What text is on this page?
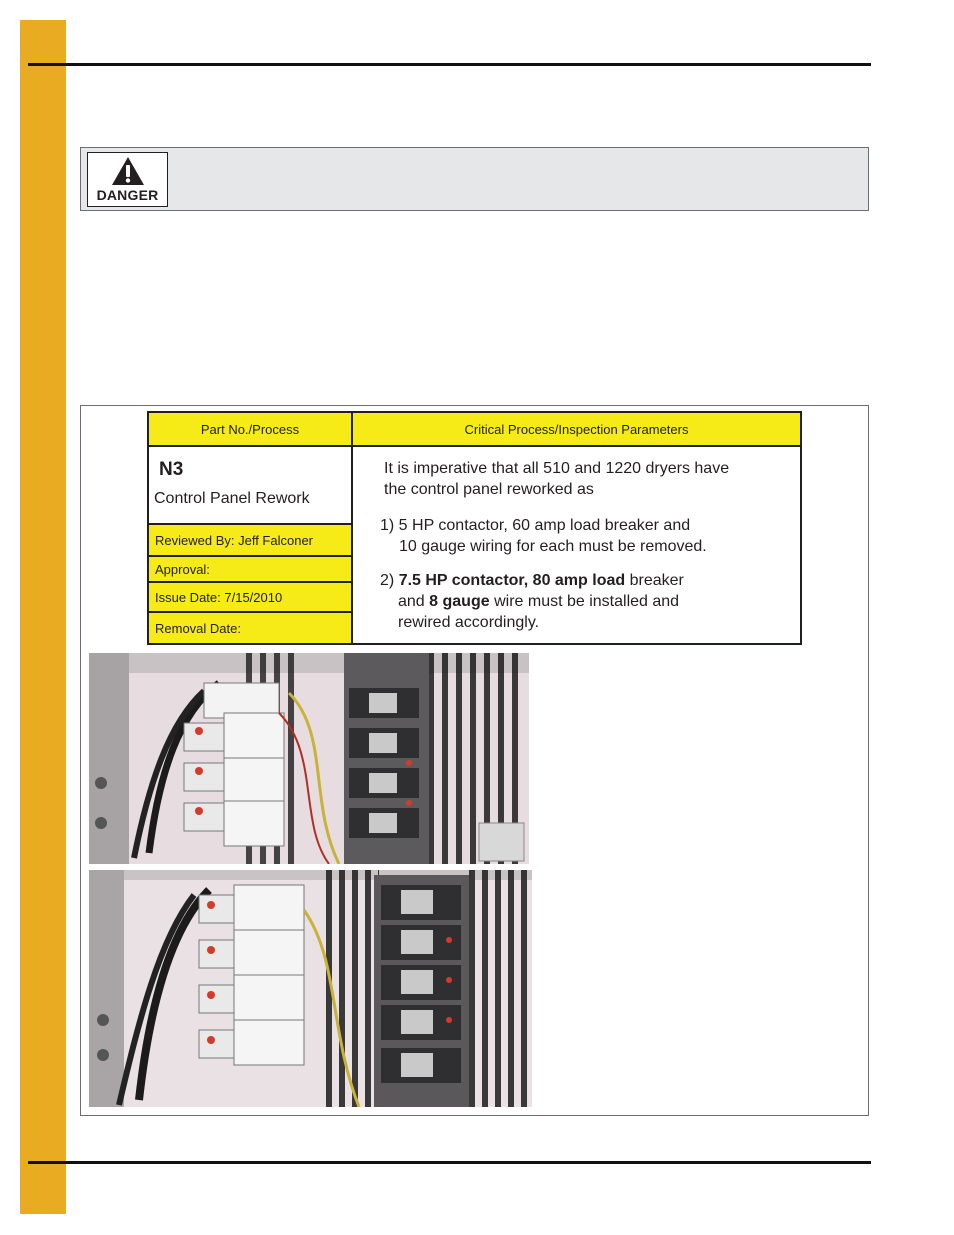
DANGER
Part No./Process	Critical Process/Inspection Parameters
N3
Control Panel Rework
Reviewed By: Jeff Falconer
Approval:
Issue Date: 7/15/2010
Removal Date:

It is imperative that all 510 and 1220 dryers have

the control panel reworked as

1) 5 HP contactor, 60 amp load breaker and

10 gauge wiring for each must be removed.

2) 7.5 HP contactor, 80 amp load breaker

and 8 gauge wire must be installed and

rewired accordingly.
